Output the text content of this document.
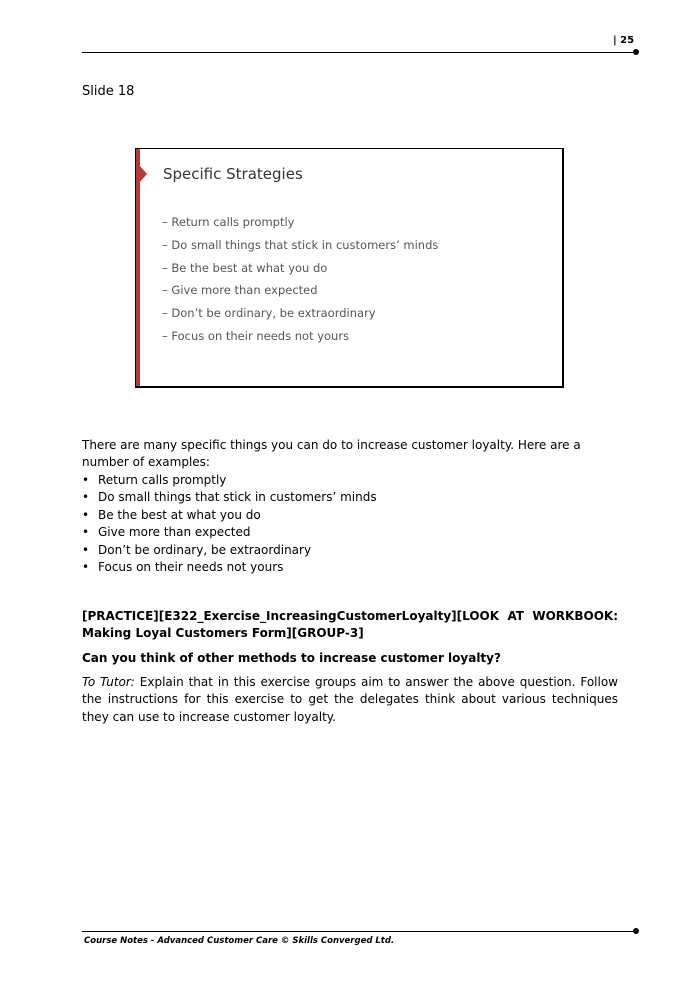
| 25
Slide 18
Specific Strategies
– Return calls promptly
– Do small things that stick in customers’ minds
– Be the best at what you do
– Give more than expected
– Don’t be ordinary, be extraordinary
– Focus on their needs not yours
There are many specific things you can do to increase customer loyalty. Here are a number of examples:
• Return calls promptly
• Do small things that stick in customers’ minds
• Be the best at what you do
• Give more than expected
• Don’t be ordinary, be extraordinary
• Focus on their needs not yours
[PRACTICE][E322_Exercise_IncreasingCustomerLoyalty][LOOK AT WORKBOOK: Making Loyal Customers Form][GROUP-3]
Can you think of other methods to increase customer loyalty?
To Tutor: Explain that in this exercise groups aim to answer the above question. Follow the instructions for this exercise to get the delegates think about various techniques they can use to increase customer loyalty.
Course Notes - Advanced Customer Care © Skills Converged Ltd.
